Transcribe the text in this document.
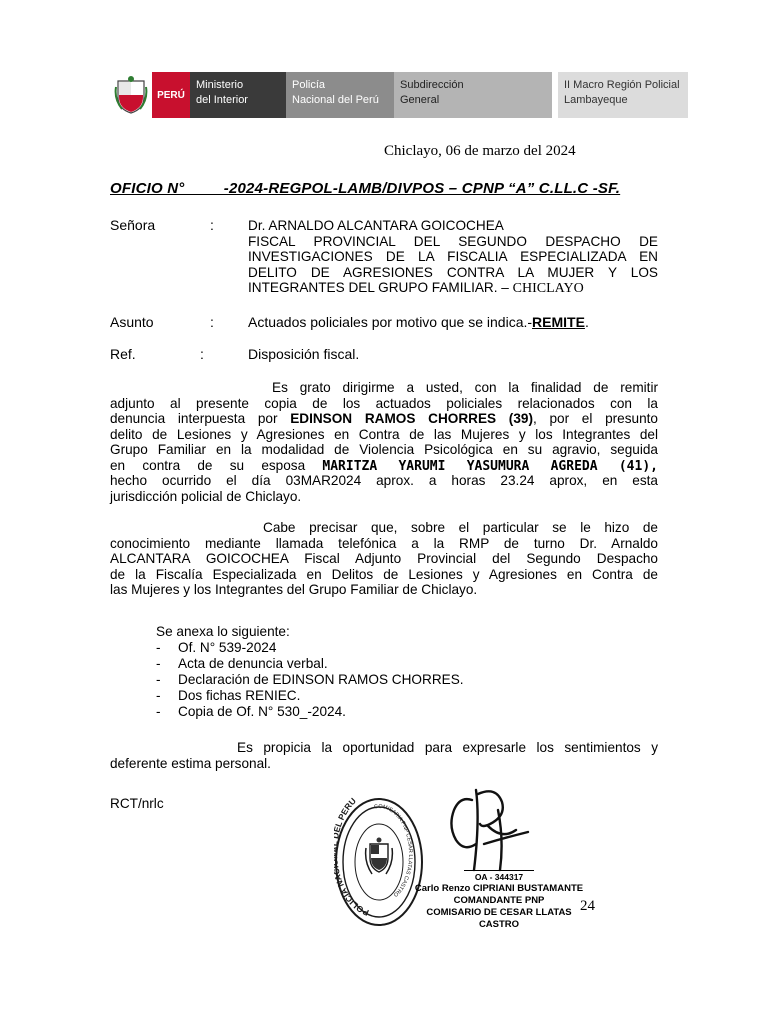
PERÚ
Ministerio
del Interior
Policía
Nacional del Perú
Subdirección
General
II Macro Región Policial
Lambayeque
Chiclayo, 06 de marzo del 2024
OFICIO N°         -2024-REGPOL-LAMB/DIVPOS – CPNP “A” C.LL.C -SF.
Señora	:	Dr. ARNALDO ALCANTARA GOICOCHEA
FISCAL PROVINCIAL DEL SEGUNDO DESPACHO DE
INVESTIGACIONES DE LA FISCALIA ESPECIALIZADA EN
DELITO DE AGRESIONES CONTRA LA MUJER Y LOS
INTEGRANTES DEL GRUPO FAMILIAR. – CHICLAYO
Asunto	: Actuados policiales por motivo que se indica.-REMITE.
Ref.	:	Disposición fiscal.
Es grato dirigirme a usted, con la finalidad de remitir
adjunto al presente copia de los actuados policiales relacionados con la
denuncia interpuesta por EDINSON RAMOS CHORRES (39), por el presunto
delito de Lesiones y Agresiones en Contra de las Mujeres y los Integrantes del
Grupo Familiar en la modalidad de Violencia Psicológica en su agravio, seguida
en contra de su esposa MARITZA YARUMI YASUMURA AGREDA (41),
hecho ocurrido el día 03MAR2024 aprox. a horas 23.24 aprox, en esta
jurisdicción policial de Chiclayo.
Cabe precisar que, sobre el particular se le hizo de
conocimiento mediante llamada telefónica a la RMP de turno Dr. Arnaldo
ALCANTARA GOICOCHEA Fiscal Adjunto Provincial del Segundo Despacho
de la Fiscalía Especializada en Delitos de Lesiones y Agresiones en Contra de
las Mujeres y los Integrantes del Grupo Familiar de Chiclayo.
Se anexa lo siguiente:
- Of. N° 539-2024
- Acta de denuncia verbal.
- Declaración de EDINSON RAMOS CHORRES.
- Dos fichas RENIEC.
- Copia de Of. N° 530_-2024.
Es propicia la oportunidad para expresarle los sentimientos y
deferente estima personal.
RCT/nrlc
POLICIA N L PERU
COMISARIA PNP CESAR LLATAS CASTRO
OA - 344317
Carlo Renzo CIPRIANI BUSTAMANTE
COMANDANTE PNP
COMISARIO DE CESAR LLATAS CASTRO
24
